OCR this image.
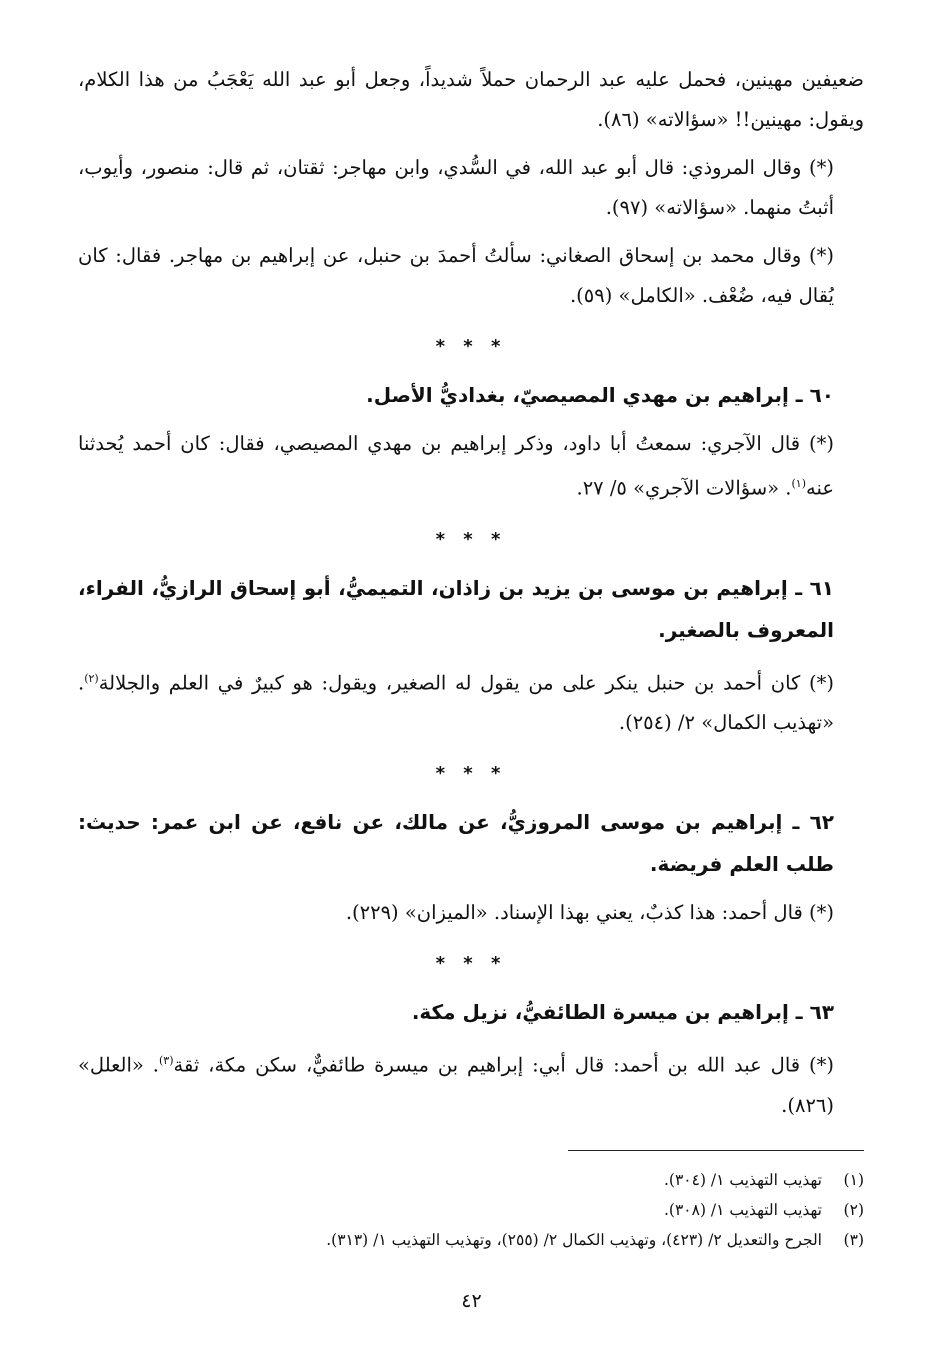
ضعيفين مهينين، فحمل عليه عبد الرحمان حملاً شديداً، وجعل أبو عبد الله يَعْجَبُ من هذا الكلام، ويقول: مهينين!! «سؤالاته» (٨٦).

(*) وقال المروذي: قال أبو عبد الله، في السُّدي، وابن مهاجر: ثقتان، ثم قال: منصور، وأيوب، أثبتُ منهما. «سؤالاته» (٩٧).

(*) وقال محمد بن إسحاق الصغاني: سألتُ أحمدَ بن حنبل، عن إبراهيم بن مهاجر. فقال: كان يُقال فيه، ضُعْف. «الكامل» (٥٩).

* * *
٦٠ ـ إبراهيم بن مهدي المصيصيّ، بغداديُّ الأصل.

(*) قال الآجري: سمعتُ أبا داود، وذكر إبراهيم بن مهدي المصيصي، فقال: كان أحمد يُحدثنا عنه$^{(١)}$. «سؤالات الآجري» ٥/ ٢٧.

* * *
٦١ ـ إبراهيم بن موسى بن يزيد بن زاذان، التميميُّ، أبو إسحاق الرازيُّ، الفراء، المعروف بالصغير.

(*) كان أحمد بن حنبل ينكر على من يقول له الصغير، ويقول: هو كبيرٌ في العلم والجلالة$^{(٢)}$. «تهذيب الكمال» ٢/ (٢٥٤).

* * *
٦٢ ـ إبراهيم بن موسى المروزيُّ، عن مالك، عن نافع، عن ابن عمر: حديث: طلب العلم فريضة.

(*) قال أحمد: هذا كذبٌ، يعني بهذا الإسناد. «الميزان» (٢٢٩).

* * *
٦٣ ـ إبراهيم بن ميسرة الطائفيُّ، نزيل مكة.

(*) قال عبد الله بن أحمد: قال أبي: إبراهيم بن ميسرة طائفيٌّ، سكن مكة، ثقة$^{(٣)}$. «العلل» (٨٢٦).

(١)
تهذيب التهذيب ١/ (٣٠٤).
(٢)
تهذيب التهذيب ١/ (٣٠٨).
(٣)
الجرح والتعديل ٢/ (٤٢٣)، وتهذيب الكمال ٢/ (٢٥٥)، وتهذيب التهذيب ١/ (٣١٣).
٤٢
